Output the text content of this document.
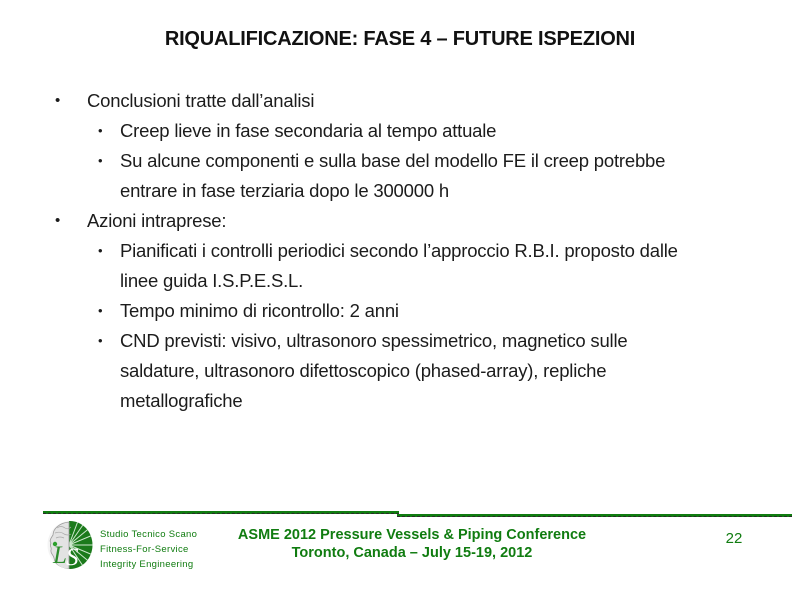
RIQUALIFICAZIONE: FASE 4 – FUTURE ISPEZIONI
•	Conclusioni tratte dall’analisi
• Creep lieve in fase secondaria al tempo attuale
• Su alcune componenti e sulla base del modello FE il creep potrebbe entrare in fase terziaria dopo le 300000 h
•	Azioni intraprese:
• Pianificati i controlli periodici secondo l’approccio R.B.I. proposto dalle linee guida I.S.P.E.S.L.
• Tempo minimo di ricontrollo: 2 anni
• CND previsti: visivo, ultrasonoro spessimetrico, magnetico sulle saldature, ultrasonoro difettoscopico (phased-array), repliche metallografiche
L S
Studio Tecnico Scano
Fitness-For-Service
Integrity Engineering
ASME 2012 Pressure Vessels & Piping Conference
Toronto, Canada – July 15-19, 2012
22
